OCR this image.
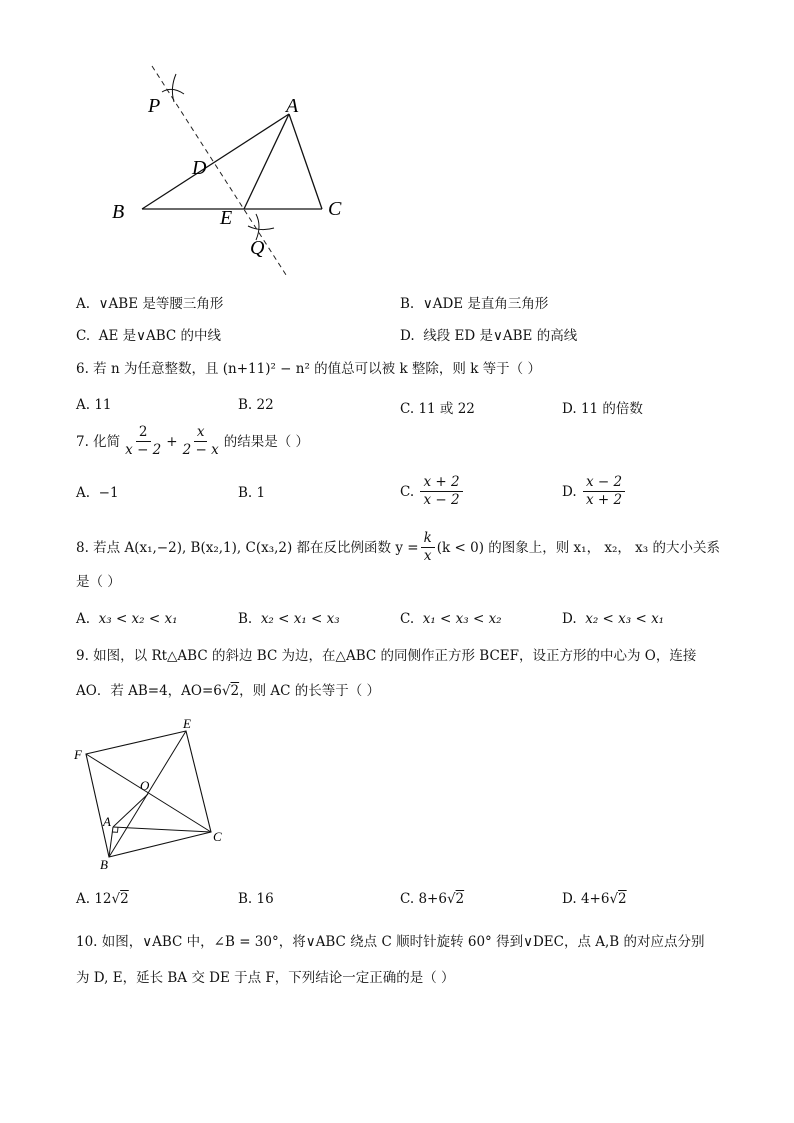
P	A
D
B	E	C
Q
A. ∨ABE 是等腰三角形	B. ∨ADE 是直角三角形
C. AE 是∨ABC 的中线	D. 线段 ED 是∨ABE 的高线
6. 若 n 为任意整数，且 (n+11)² − n² 的值总可以被 k 整除，则 k 等于（ ）
A. 11	B. 22	C. 11 或 22	D. 11 的倍数
7. 化简 $\frac{2}{x - 2} + \frac{x}{2 - x}$ 的结果是（ ）
A. −1	B. 1	C.
$\frac{x + 2}{x - 2}$	D.
$\frac{x - 2}{x + 2}$
8. 若点 A(x₁,−2), B(x₂,1), C(x₃,2) 都在反比例函数 $y = \frac{k}{x} (k < 0)$ 的图象上，则 x₁， x₂， x₃ 的大小关系
是（ ）
A. x₃ < x₂ < x₁	B. x₂ < x₁ < x₃	C. x₁ < x₃ < x₂	D. x₂ < x₃ < x₁
9. 如图，以 Rt△ABC 的斜边 BC 为边，在△ABC 的同侧作正方形 BCEF，设正方形的中心为 O，连接
AO．若 AB=4，AO=6√2，则 AC 的长等于（ ）
F
E
O
A
C
B
A. 12√2	B. 16	C. 8+6√2	D. 4+6√2
10. 如图，∨ABC 中，∠B = 30°，将∨ABC 绕点 C 顺时针旋转 60° 得到∨DEC，点 A,B 的对应点分别
为 D, E，延长 BA 交 DE 于点 F，下列结论一定正确的是（ ）
